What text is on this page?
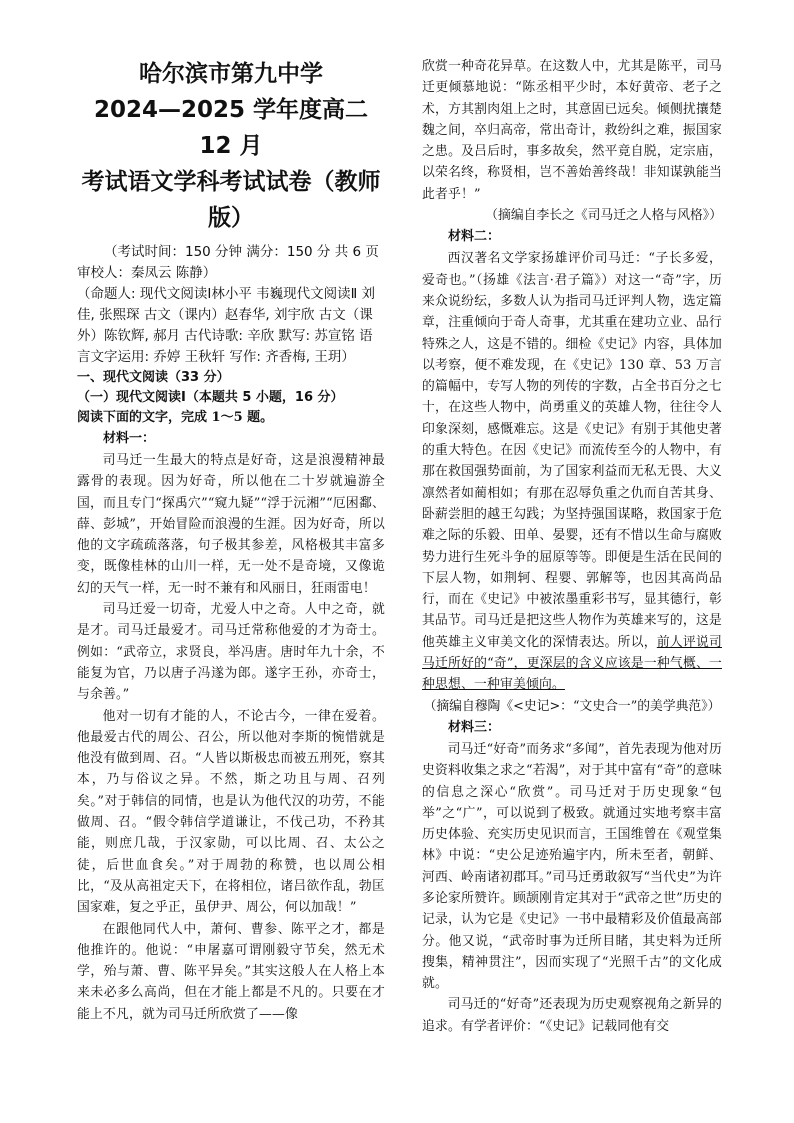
哈尔滨市第九中学
2024—2025 学年度高二 12 月
考试语文学科考试试卷（教师
版）

（考试时间：150 分钟 满分：150 分 共 6 页 审校人：秦凤云 陈静）

（命题人: 现代文阅读Ⅰ林小平 韦巍现代文阅读Ⅱ 刘佳, 张熙琛 古文（课内）赵春华, 刘宇欣 古文（课外）陈钦辉, 郝月 古代诗歌: 辛欣 默写: 苏宣铭 语言文字运用: 乔婷 王秋轩 写作: 齐香梅, 王玥）

一、现代文阅读（33 分）

（一）现代文阅读Ⅰ（本题共 5 小题，16 分）

阅读下面的文字，完成 1～5 题。

材料一：

司马迁一生最大的特点是好奇，这是浪漫精神最露骨的表现。因为好奇，所以他在二十岁就遍游全国，而且专门“探禹穴”“窥九疑”“浮于沅湘”“厄困鄱、薛、彭城”，开始冒险而浪漫的生涯。因为好奇，所以他的文字疏疏落落，句子极其参差，风格极其丰富多变，既像桂林的山川一样，无一处不是奇境，又像诡幻的天气一样，无一时不兼有和风丽日，狂雨雷电！

司马迁爱一切奇，尤爱人中之奇。人中之奇，就是才。司马迁最爱才。司马迁常称他爱的才为奇士。例如：“武帝立，求贤良，举冯唐。唐时年九十余，不能复为官，乃以唐子冯遂为郎。遂字王孙，亦奇士，与余善。”

他对一切有才能的人，不论古今，一律在爱着。他最爱古代的周公、召公，所以他对李斯的惋惜就是他没有做到周、召。“人皆以斯极忠而被五刑死，察其本，乃与俗议之异。不然，斯之功且与周、召列矣。”对于韩信的同情，也是认为他代汉的功劳，不能做周、召。“假令韩信学道谦让，不伐己功，不矜其能，则庶几哉，于汉家勋，可以比周、召、太公之徒，后世血食矣。”对于周勃的称赞，也以周公相比，“及从高祖定天下，在将相位，诸吕欲作乱，勃匡国家难，复之乎正，虽伊尹、周公，何以加哉！”

在跟他同代人中，萧何、曹参、陈平之才，都是他推许的。他说：“申屠嘉可谓刚毅守节矣，然无术学，殆与萧、曹、陈平异矣。”其实这般人在人格上本来未必多么高尚，但在才能上都是不凡的。只要在才能上不凡，就为司马迁所欣赏了——像

欣赏一种奇花异草。在这数人中，尤其是陈平，司马迁更倾慕地说：“陈丞相平少时，本好黄帝、老子之术，方其割肉俎上之时，其意固已远矣。倾侧扰攘楚魏之间，卒归高帝，常出奇计，救纷纠之难，振国家之患。及吕后时，事多故矣，然平竟自脱，定宗庙，以荣名终，称贤相，岂不善始善终哉！非知谋孰能当此者乎！”

（摘编自李长之《司马迁之人格与风格》）

材料二：

西汉著名文学家扬雄评价司马迁：“子长多爱，爱奇也。”（扬雄《法言·君子篇》）对这一“奇”字，历来众说纷纭，多数人认为指司马迁评判人物，选定篇章，注重倾向于奇人奇事，尤其重在建功立业、品行特殊之人，这是不错的。细检《史记》内容，具体加以考察，便不难发现，在《史记》130 章、53 万言的篇幅中，专写人物的列传的字数，占全书百分之七十，在这些人物中，尚勇重义的英雄人物，往往令人印象深刻，感慨难忘。这是《史记》有别于其他史著的重大特色。在因《史记》而流传至今的人物中，有那在救国强势面前，为了国家利益而无私无畏、大义凛然者如蔺相如；有那在忍辱负重之仇而自苦其身、卧薪尝胆的越王勾践；为坚持强国谋略，救国家于危难之际的乐毅、田单、晏婴，还有不惜以生命与腐败势力进行生死斗争的屈原等等。即便是生活在民间的下层人物，如荆轲、程婴、郭解等，也因其高尚品行，而在《史记》中被浓墨重彩书写，显其德行，彰其品节。司马迁是把这些人物作为英雄来写的，这是他英雄主义审美文化的深情表达。所以，前人评说司马迁所好的“奇”，更深层的含义应该是一种气概、一种思想、一种审美倾向。

（摘编自穆陶《<史记>：“文史合一”的美学典范》）

材料三：

司马迁“好奇”而务求“多闻”，首先表现为他对历史资料收集之求之“若渴”，对于其中富有“奇”的意味的信息之深心“欣赏”。司马迁对于历史现象“包举”之“广”，可以说到了极致。就通过实地考察丰富历史体验、充实历史见识而言，王国维曾在《观堂集林》中说：“史公足迹殆遍宇内，所未至者，朝鲜、河西、岭南诸初郡耳。”司马迁勇敢叙写“当代史”为许多论家所赞许。顾颉刚肯定其对于“武帝之世”历史的记录，认为它是《史记》一书中最精彩及价值最高部分。他又说，“武帝时事为迁所目睹，其史料为迁所搜集，精神贯注”，因而实现了“光照千古”的文化成就。

司马迁的“好奇”还表现为历史观察视角之新异的追求。有学者评价：“《史记》记载同他有交
